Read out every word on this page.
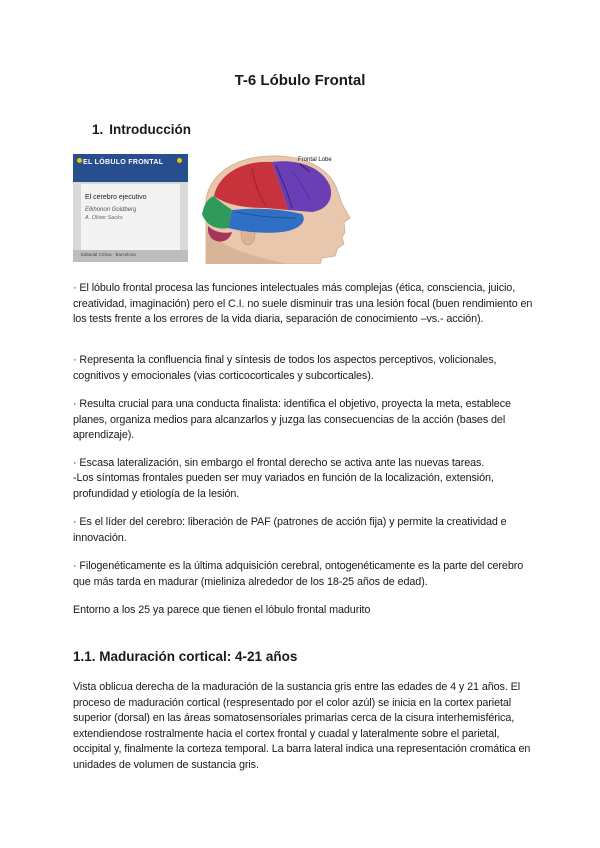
T-6 Lóbulo Frontal
1. Introducción
EL LÓBULO FRONTAL
El cerebro ejecutivo
Elkhonon Goldberg
A. Oliver Sacks
Editorial Crítica · Barcelona
Frontal Lobe

· El lóbulo frontal procesa las funciones intelectuales más complejas (ética, consciencia, juicio, creatividad, imaginación) pero el C.I. no suele disminuir tras una lesión focal (buen rendimiento en los tests frente a los errores de la vida diaria, separación de conocimiento –vs.- acción).

· Representa la confluencia final y síntesis de todos los aspectos perceptivos, volicionales, cognitivos y emocionales (vias corticocorticales y subcorticales).

· Resulta crucial para una conducta finalista: identifica el objetivo, proyecta la meta, establece planes, organiza medios para alcanzarlos y juzga las consecuencias de la acción (bases del aprendizaje).

· Escasa lateralización, sin embargo el frontal derecho se activa ante las nuevas tareas.

-Los síntomas frontales pueden ser muy variados en función de la localización, extensión, profundidad y etiología de la lesión.

· Es el líder del cerebro: liberación de PAF (patrones de acción fija) y permite la creatividad e innovación.

· Filogenéticamente es la última adquisición cerebral, ontogenéticamente es la parte del cerebro que más tarda en madurar (mieliniza alrededor de los 18-25 años de edad).

Entorno a los 25 ya parece que tienen el lóbulo frontal madurito

1.1. Maduración cortical: 4-21 años

Vista oblicua derecha de la maduración de la sustancia gris entre las edades de 4 y 21 años. El proceso de maduración cortical (respresentado por el color azúl) se inicia en la cortex parietal superior (dorsal) en las áreas somatosensoriales primarias cerca de la cisura interhemisférica, extendiendose rostralmente hacia el cortex frontal y cuadal y lateralmente sobre el parietal, occipital y, finalmente la corteza temporal. La barra lateral indica una representación cromática en unidades de volumen de sustancia gris.
